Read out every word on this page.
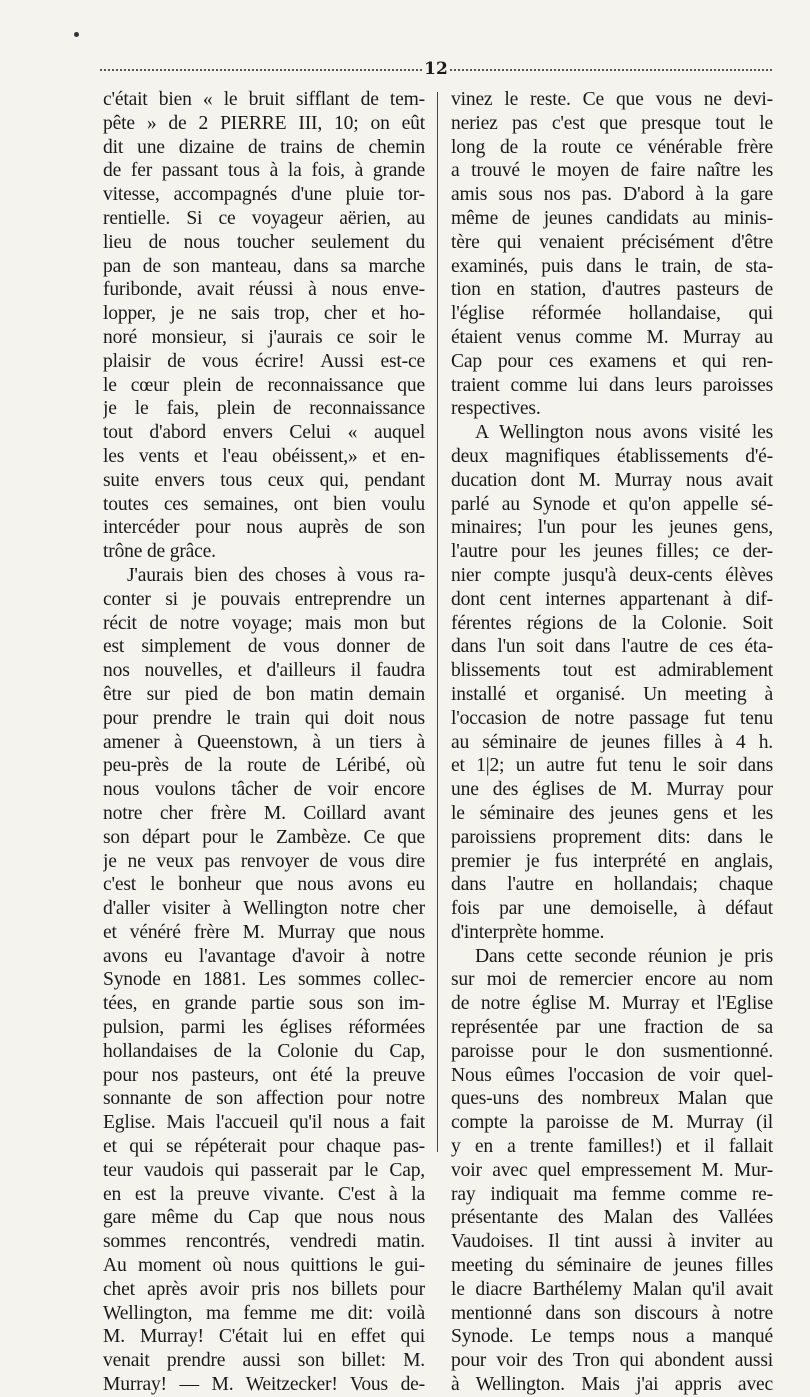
12
c'était bien « le bruit sifflant de tem-
pête » de 2 PIERRE III, 10; on eût
dit une dizaine de trains de chemin
de fer passant tous à la fois, à grande
vitesse, accompagnés d'une pluie tor-
rentielle. Si ce voyageur aërien, au
lieu de nous toucher seulement du
pan de son manteau, dans sa marche
furibonde, avait réussi à nous enve-
lopper, je ne sais trop, cher et ho-
noré monsieur, si j'aurais ce soir le
plaisir de vous écrire! Aussi est-ce
le cœur plein de reconnaissance que
je le fais, plein de reconnaissance
tout d'abord envers Celui « auquel
les vents et l'eau obéissent,» et en-
suite envers tous ceux qui, pendant
toutes ces semaines, ont bien voulu
intercéder pour nous auprès de son
trône de grâce.
J'aurais bien des choses à vous ra-
conter si je pouvais entreprendre un
récit de notre voyage; mais mon but
est simplement de vous donner de
nos nouvelles, et d'ailleurs il faudra
être sur pied de bon matin demain
pour prendre le train qui doit nous
amener à Queenstown, à un tiers à
peu-près de la route de Léribé, où
nous voulons tâcher de voir encore
notre cher frère M. Coillard avant
son départ pour le Zambèze. Ce que
je ne veux pas renvoyer de vous dire
c'est le bonheur que nous avons eu
d'aller visiter à Wellington notre cher
et vénéré frère M. Murray que nous
avons eu l'avantage d'avoir à notre
Synode en 1881. Les sommes collec-
tées, en grande partie sous son im-
pulsion, parmi les églises réformées
hollandaises de la Colonie du Cap,
pour nos pasteurs, ont été la preuve
sonnante de son affection pour notre
Eglise. Mais l'accueil qu'il nous a fait
et qui se répéterait pour chaque pas-
teur vaudois qui passerait par le Cap,
en est la preuve vivante. C'est à la
gare même du Cap que nous nous
sommes rencontrés, vendredi matin.
Au moment où nous quittions le gui-
chet après avoir pris nos billets pour
Wellington, ma femme me dit: voilà
M. Murray! C'était lui en effet qui
venait prendre aussi son billet: M.
Murray! — M. Weitzecker! Vous de-
vinez le reste. Ce que vous ne devi-
neriez pas c'est que presque tout le
long de la route ce vénérable frère
a trouvé le moyen de faire naître les
amis sous nos pas. D'abord à la gare
même de jeunes candidats au minis-
tère qui venaient précisément d'être
examinés, puis dans le train, de sta-
tion en station, d'autres pasteurs de
l'église réformée hollandaise, qui
étaient venus comme M. Murray au
Cap pour ces examens et qui ren-
traient comme lui dans leurs paroisses
respectives.
A Wellington nous avons visité les
deux magnifiques établissements d'é-
ducation dont M. Murray nous avait
parlé au Synode et qu'on appelle sé-
minaires; l'un pour les jeunes gens,
l'autre pour les jeunes filles; ce der-
nier compte jusqu'à deux-cents élèves
dont cent internes appartenant à dif-
férentes régions de la Colonie. Soit
dans l'un soit dans l'autre de ces éta-
blissements tout est admirablement
installé et organisé. Un meeting à
l'occasion de notre passage fut tenu
au séminaire de jeunes filles à 4 h.
et 1|2; un autre fut tenu le soir dans
une des églises de M. Murray pour
le séminaire des jeunes gens et les
paroissiens proprement dits: dans le
premier je fus interprété en anglais,
dans l'autre en hollandais; chaque
fois par une demoiselle, à défaut
d'interprète homme.
Dans cette seconde réunion je pris
sur moi de remercier encore au nom
de notre église M. Murray et l'Eglise
représentée par une fraction de sa
paroisse pour le don susmentionné.
Nous eûmes l'occasion de voir quel-
ques-uns des nombreux Malan que
compte la paroisse de M. Murray (il
y en a trente familles!) et il fallait
voir avec quel empressement M. Mur-
ray indiquait ma femme comme re-
présentante des Malan des Vallées
Vaudoises. Il tint aussi à inviter au
meeting du séminaire de jeunes filles
le diacre Barthélemy Malan qu'il avait
mentionné dans son discours à notre
Synode. Le temps nous a manqué
pour voir des Tron qui abondent aussi
à Wellington. Mais j'ai appris avec
